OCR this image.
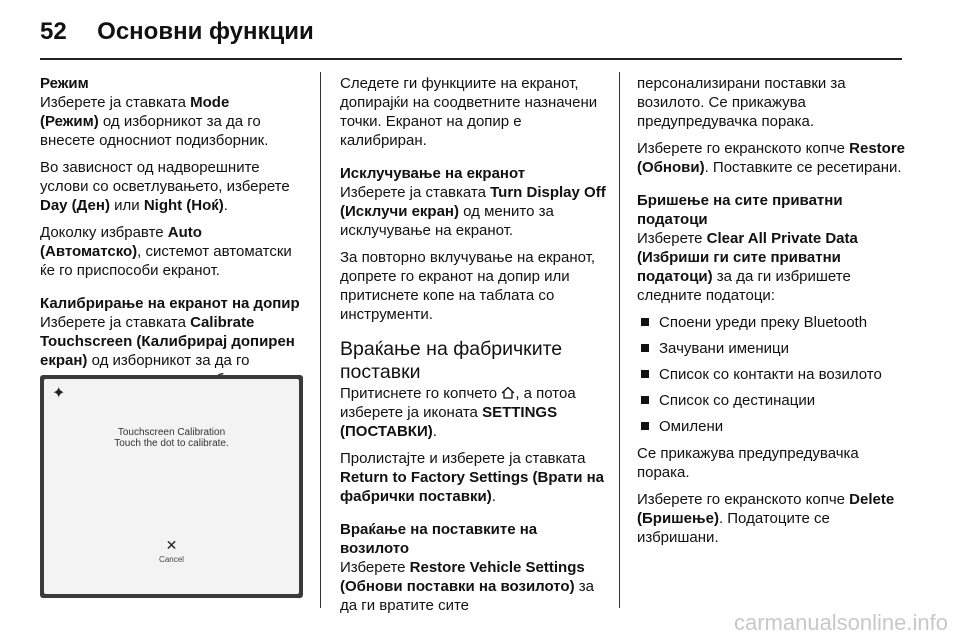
52 Основни функции

Режим

Изберете ја ставката Mode
(Режим) од изборникот за да го внесете односниот подизборник.

Во зависност од надворешните услови со осветлувањето, изберете Day (Ден) или Night (Ноќ).

Доколку избравте Auto
(Автоматско), системот автоматски ќе го приспособи екранот.

Калибрирање на екранот на допир

Изберете ја ставката Calibrate Touchscreen (Калибрирај допирен екран) од изборникот за да го

✦
Touchscreen Calibration
Touch the dot to calibrate.
✕
Cancel

Следете ги функциите на екранот, допирајќи на соодветните назначени точки. Екранот на допир е калибриран.

Исклучување на екранот

Изберете ја ставката Turn Display Off (Исклучи екран) од менито за исклучување на екранот.

За повторно вклучување на екранот, допрете го екранот на допир или притиснете копе на таблата со инструменти.

Враќање на фабричките поставки

Притиснете го копчето , а потоа изберете ја иконата SETTINGS (ПОСТАВКИ).

Пролистајте и изберете ја ставката Return to Factory Settings (Врати на фабрички поставки).

Враќање на поставките на возилото

Изберете Restore Vehicle Settings (Обнови поставки на возилото) за да ги вратите сите

персонализирани поставки за возилото. Се прикажува предупредувачка порака.

Изберете го екранското копче Restore (Обнови). Поставките се ресетирани.

Бришење на сите приватни податоци

Изберете Clear All Private Data (Избриши ги сите приватни податоци) за да ги избришете следните податоци:

Споени уреди преку Bluetooth
Зачувани именици
Список со контакти на возилото
Список со дестинации
Омилени

Се прикажува предупредувачка порака.

Изберете го екранското копче Delete (Бришење). Податоците се избришани.

carmanualsonline.info
